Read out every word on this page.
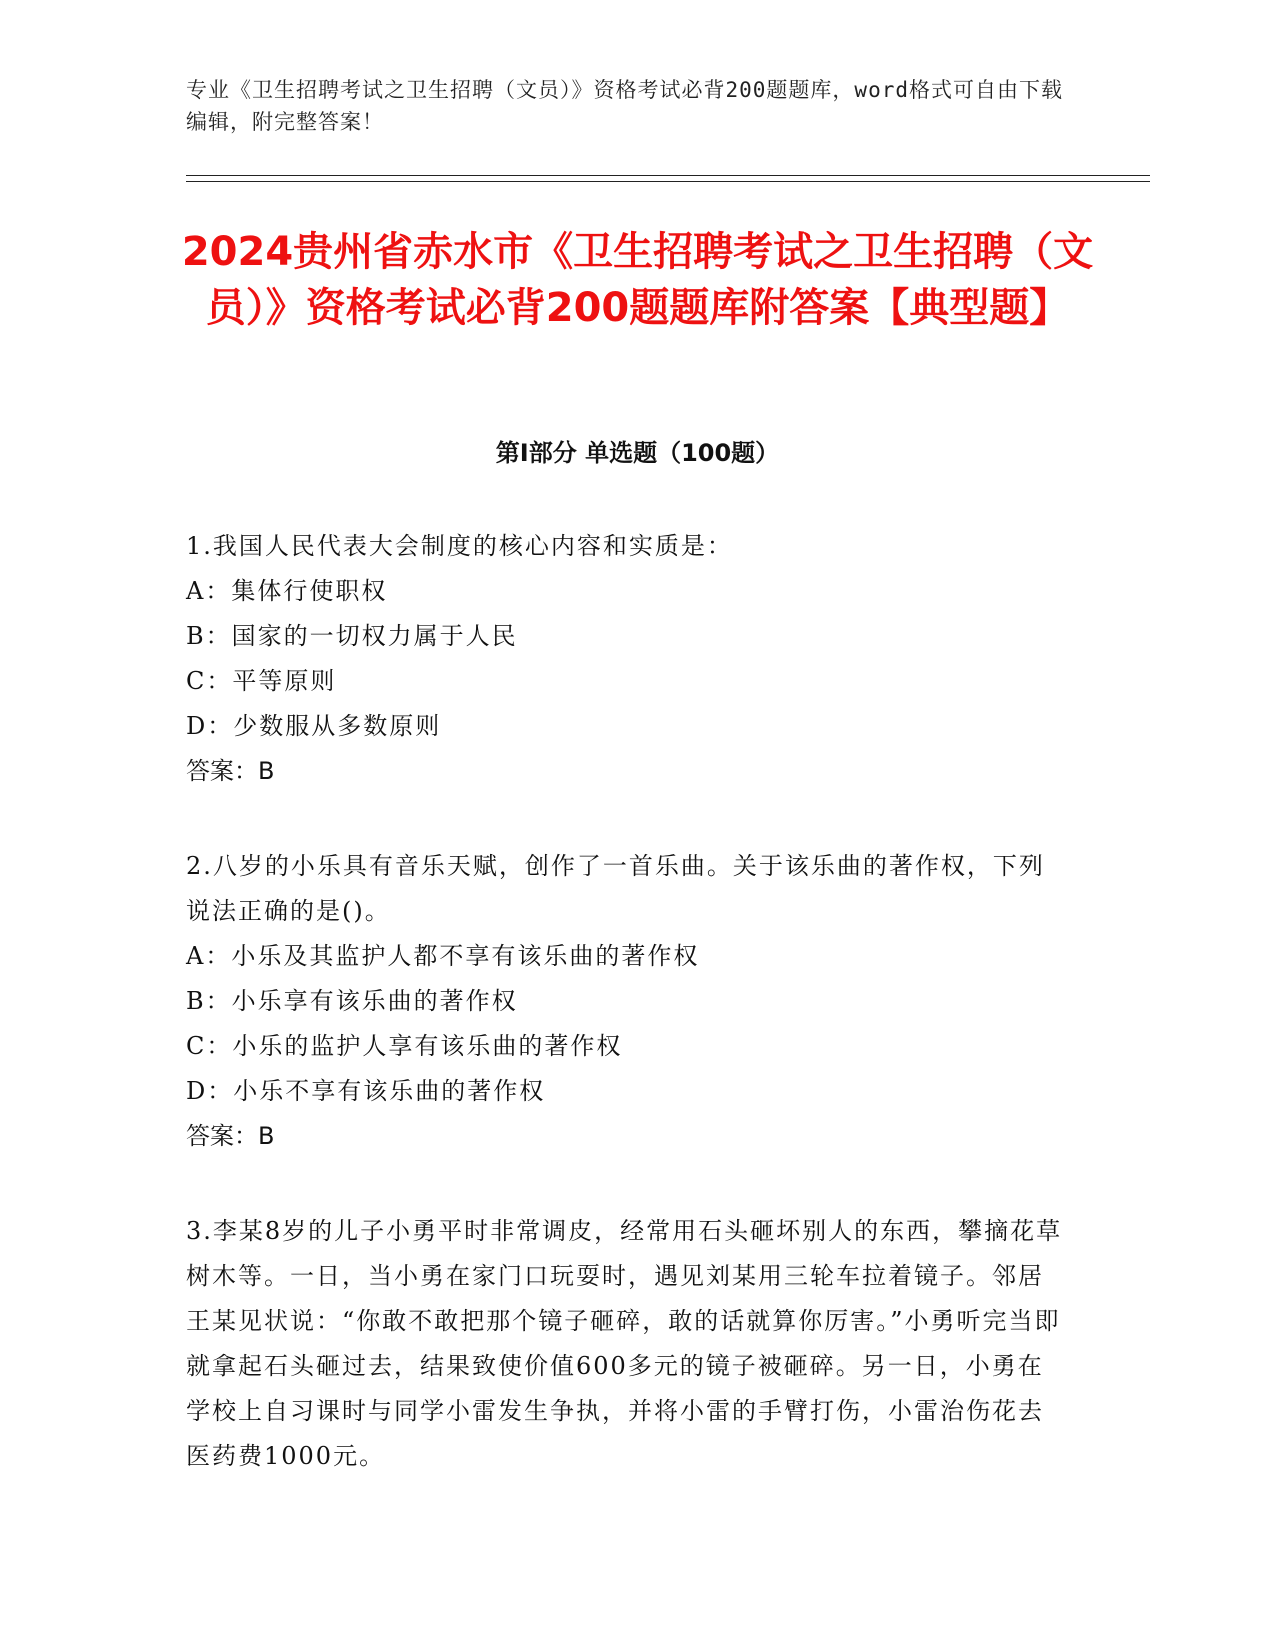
专业《卫生招聘考试之卫生招聘（文员）》资格考试必背200题题库，word格式可自由下载编辑，附完整答案！
2024贵州省赤水市《卫生招聘考试之卫生招聘（文员）》资格考试必背200题题库附答案【典型题】
第Ⅰ部分 单选题（100题）

1.我国人民代表大会制度的核心内容和实质是：

A：集体行使职权

B：国家的一切权力属于人民

C：平等原则

D：少数服从多数原则

答案：B

2.八岁的小乐具有音乐天赋，创作了一首乐曲。关于该乐曲的著作权，下列说法正确的是()。

A：小乐及其监护人都不享有该乐曲的著作权

B：小乐享有该乐曲的著作权

C：小乐的监护人享有该乐曲的著作权

D：小乐不享有该乐曲的著作权

答案：B

3.李某8岁的儿子小勇平时非常调皮，经常用石头砸坏别人的东西，攀摘花草树木等。一日，当小勇在家门口玩耍时，遇见刘某用三轮车拉着镜子。邻居王某见状说：“你敢不敢把那个镜子砸碎，敢的话就算你厉害。”小勇听完当即就拿起石头砸过去，结果致使价值600多元的镜子被砸碎。另一日，小勇在学校上自习课时与同学小雷发生争执，并将小雷的手臂打伤，小雷治伤花去医药费1000元。
